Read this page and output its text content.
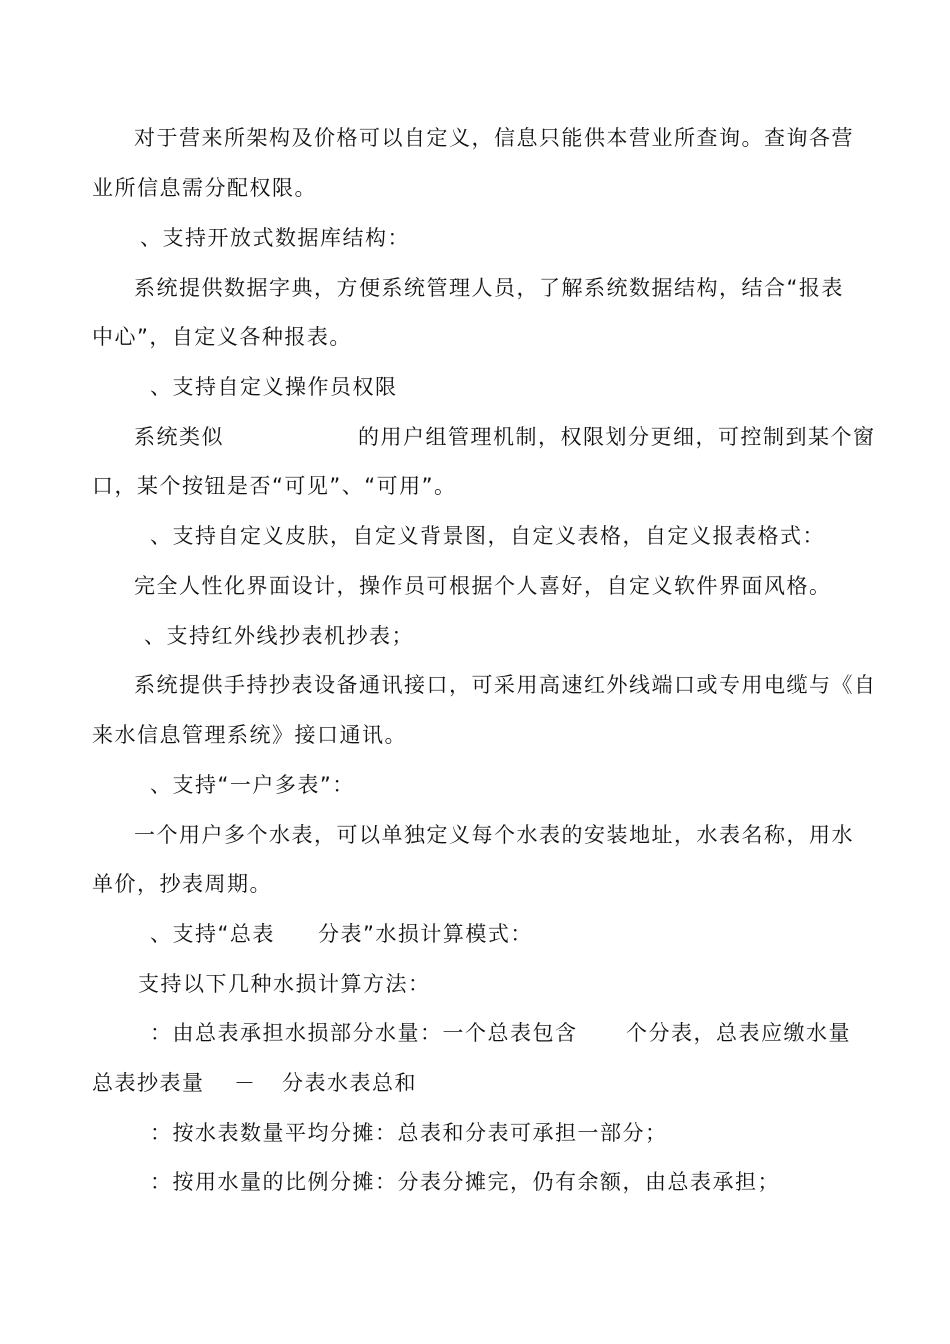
对于营来所架构及价格可以自定义，信息只能供本营业所查询。查询各营
业所信息需分配权限。
、支持开放式数据库结构：
系统提供数据字典，方便系统管理人员，了解系统数据结构，结合“报表
中心”，自定义各种报表。
、支持自定义操作员权限
系统类似	的用户组管理机制，权限划分更细，可控制到某个窗
口，某个按钮是否“可见”、“可用”。
、支持自定义皮肤，自定义背景图，自定义表格，自定义报表格式：
完全人性化界面设计，操作员可根据个人喜好，自定义软件界面风格。
、支持红外线抄表机抄表；
系统提供手持抄表设备通讯接口，可采用高速红外线端口或专用电缆与《自
来水信息管理系统》接口通讯。
、支持“一户多表”：
一个用户多个水表，可以单独定义每个水表的安装地址，水表名称，用水
单价，抄表周期。
、支持“总表 分表”水损计算模式：
支持以下几种水损计算方法：
：由总表承担水损部分水量：一个总表包含 个分表，总表应缴水量
总表抄表量 － 分表水表总和
：按水表数量平均分摊：总表和分表可承担一部分；
：按用水量的比例分摊：分表分摊完，仍有余额，由总表承担；
